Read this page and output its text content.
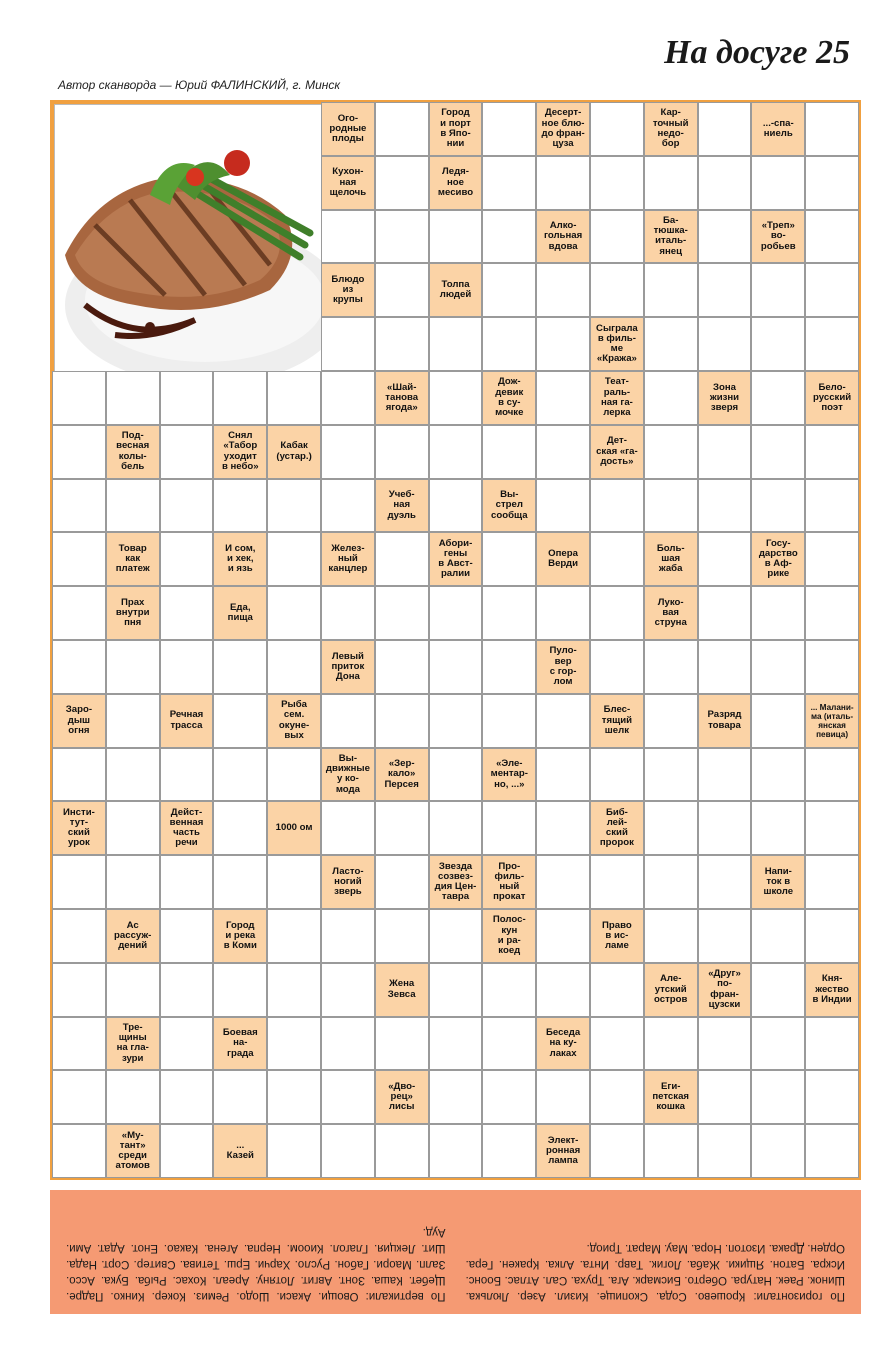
На досуге 25
Автор сканворда — Юрий ФАЛИНСКИЙ, г. Минск
Ого-
родные
плоды
Город
и порт
в Япо-
нии
Десерт-
ное блю-
до фран-
цуза
Кар-
точный
недо-
бор
...-спа-
ниель
Кухон-
ная
щелочь
Ледя-
ное
месиво
Алко-
гольная
вдова
Ба-
тюшка-
италь-
янец
«Треп»
во-
робьев
Блюдо
из
крупы
Толпа
людей
Сыграла
в филь-
ме
«Кража»
«Шай-
танова
ягода»
Дож-
девик
в су-
мочке
Теат-
раль-
ная га-
лерка
Зона
жизни
зверя
Бело-
русский
поэт
Под-
весная
колы-
бель
Снял
«Табор
уходит
в небо»
Кабак
(устар.)
Дет-
ская «га-
дость»
Учеб-
ная
дуэль
Вы-
стрел
сообща
Товар
как
платеж
И сом,
и хек,
и язь
Желез-
ный
канцлер
Абори-
гены
в Авст-
ралии
Опера
Верди
Боль-
шая
жаба
Госу-
дарство
в Аф-
рике
Прах
внутри
пня
Еда,
пища
Луко-
вая
струна
Левый
приток
Дона
Пуло-
вер
с гор-
лом
Заро-
дыш
огня
Речная
трасса
Рыба
сем.
окуне-
вых
Блес-
тящий
шелк
Разряд
товара
... Малани-
ма (италь-
янская
певица)
Вы-
движные
у ко-
мода
«Зер-
кало»
Персея
«Эле-
ментар-
но, ...»
Инсти-
тут-
ский
урок
Дейст-
венная
часть
речи
1000 ом
Биб-
лей-
ский
пророк
Ласто-
ногий
зверь
Звезда
созвез-
дия Цен-
тавра
Про-
филь-
ный
прокат
Напи-
ток в
школе
Ас
рассуж-
дений
Город
и река
в Коми
Полос-
кун
и ра-
коед
Право
в ис-
ламе
Жена
Зевса
Але-
утский
остров
«Друг»
по-
фран-
цузски
Кня-
жество
в Индии
Тре-
щины
на гла-
зури
Боевая
на-
града
Беседа
на ку-
лаках
«Дво-
рец»
лисы
Еги-
петская
кошка
«Му-
тант»
среди
атомов
...
Казей
Элект-
ронная
лампа

По горизонтали: Крошево. Сода. Скопище. Кизил. Азер. Люлька. Шинок. Раек. Натура. Оберто. Бисмарк. Ага. Труха. Сал. Атлас. Боонс. Искра. Батон. Ящики. Жаба. Логик. Тавр. Инта. Алка. Кракен. Гера. Орден. Драка. Изотоп. Нора. Мау. Марат. Триод.

По вертикали: Овощи. Акаси. Шодо. Ремиз. Кокер. Кинко. Падре. Щебет. Каша. Зонт. Авгит. Лотяну. Ареал. Кохас. Рыба. Бука. Ассо. Залп. Маори. Габон. Русло. Харчи. Ерш. Тетива. Свитер. Сорт. Нада. Шит. Лекция. Глагол. Киоом. Нерпа. Агена. Какао. Енот. Адат. Ами. Ауд.
